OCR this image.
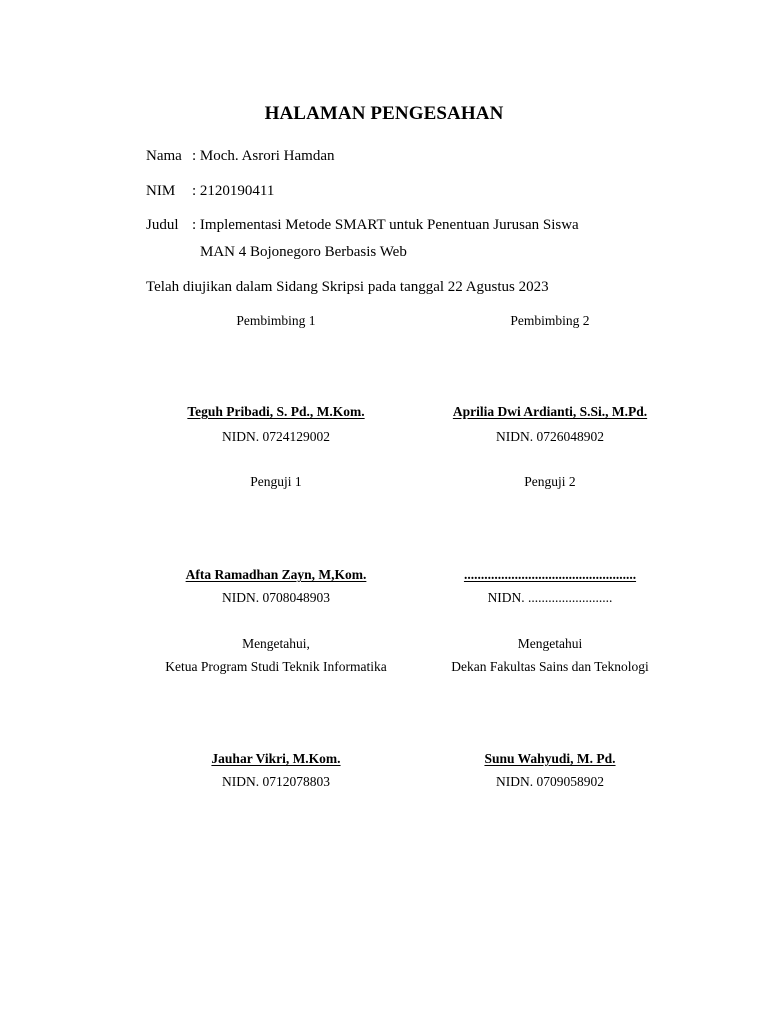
HALAMAN PENGESAHAN
Nama : Moch. Asrori Hamdan
NIM : 2120190411
Judul : Implementasi Metode SMART untuk Penentuan Jurusan Siswa
MAN 4 Bojonegoro Berbasis Web
Telah diujikan dalam Sidang Skripsi pada tanggal 22 Agustus 2023
Pembimbing 1	Pembimbing 2
Teguh Pribadi, S. Pd., M.Kom.	Aprilia Dwi Ardianti, S.Si., M.Pd.
NIDN. 0724129002	NIDN. 0726048902
Penguji 1	Penguji 2
Afta Ramadhan Zayn, M,Kom.	...................................................
NIDN. 0708048903	NIDN. .........................
Mengetahui,	Mengetahui
Ketua Program Studi Teknik Informatika	Dekan Fakultas Sains dan Teknologi
Jauhar Vikri, M.Kom.	Sunu Wahyudi, M. Pd.
NIDN. 0712078803	NIDN. 0709058902
